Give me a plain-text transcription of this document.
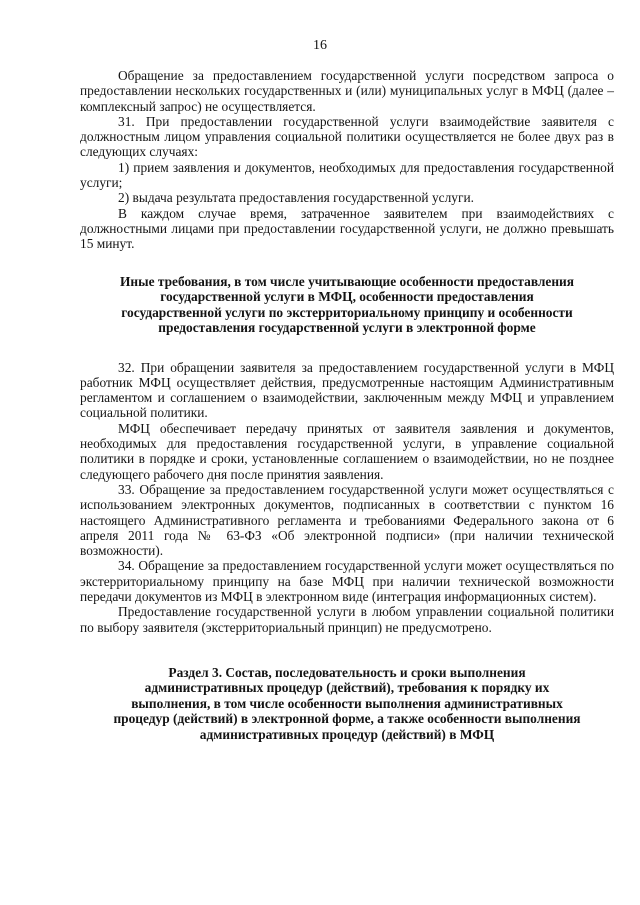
16

Обращение за предоставлением государственной услуги посредством запроса о предоставлении нескольких государственных и (или) муниципальных услуг в МФЦ (далее – комплексный запрос) не осуществляется.

31. При предоставлении государственной услуги взаимодействие заявителя с должностным лицом управления социальной политики осуществляется не более двух раз в следующих случаях:

1) прием заявления и документов, необходимых для предоставления государственной услуги;

2) выдача результата предоставления государственной услуги.

В каждом случае время, затраченное заявителем при взаимодействиях с должностными лицами при предоставлении государственной услуги, не должно превышать 15 минут.

Иные требования, в том числе учитывающие особенности предоставления
государственной услуги в МФЦ, особенности предоставления
государственной услуги по экстерриториальному принципу и особенности
предоставления государственной услуги в электронной форме

32. При обращении заявителя за предоставлением государственной услуги в МФЦ работник МФЦ осуществляет действия, предусмотренные настоящим Административным регламентом и соглашением о взаимодействии, заключенным между МФЦ и управлением социальной политики.

МФЦ обеспечивает передачу принятых от заявителя заявления и документов, необходимых для предоставления государственной услуги, в управление социальной политики в порядке и сроки, установленные соглашением о взаимодействии, но не позднее следующего рабочего дня после принятия заявления.

33. Обращение за предоставлением государственной услуги может осуществляться с использованием электронных документов, подписанных в соответствии с пунктом 16 настоящего Административного регламента и требованиями Федерального закона от 6 апреля 2011 года № 63-ФЗ «Об электронной подписи» (при наличии технической возможности).

34. Обращение за предоставлением государственной услуги может осуществляться по экстерриториальному принципу на базе МФЦ при наличии технической возможности передачи документов из МФЦ в электронном виде (интеграция информационных систем).

Предоставление государственной услуги в любом управлении социальной политики по выбору заявителя (экстерриториальный принцип) не предусмотрено.

Раздел 3. Состав, последовательность и сроки выполнения
административных процедур (действий), требования к порядку их
выполнения, в том числе особенности выполнения административных
процедур (действий) в электронной форме, а также особенности выполнения
административных процедур (действий) в МФЦ
